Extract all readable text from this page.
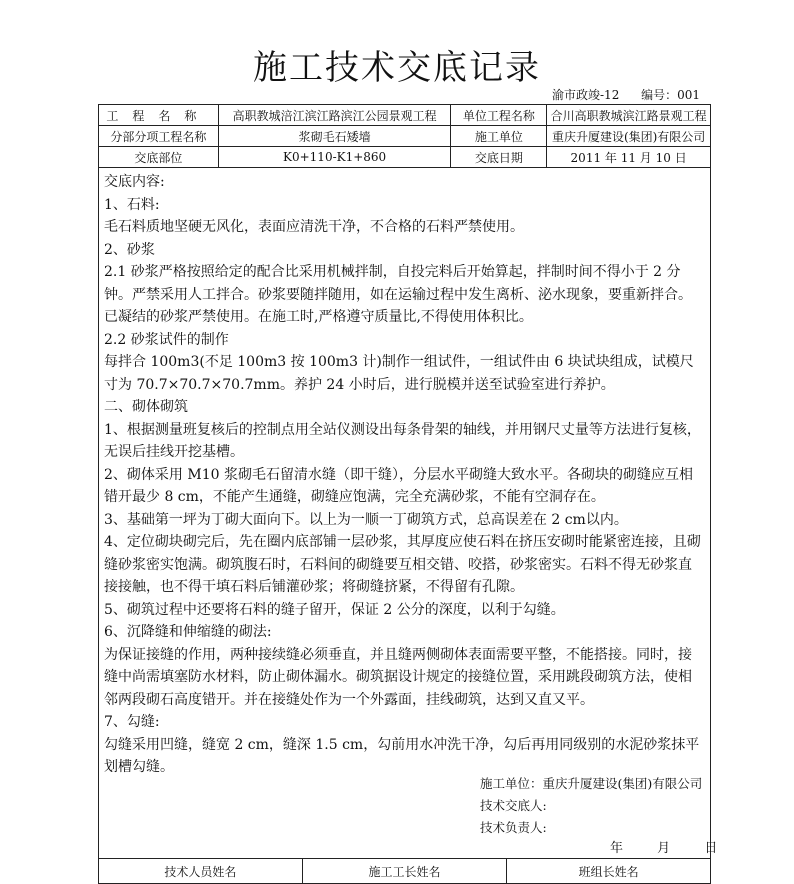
施工技术交底记录
渝市政竣-12 编号：001
工程名称	高职教城涪江滨江路滨江公园景观工程	单位工程名称	合川高职教城滨江路景观工程
分部分项工程名称	浆砌毛石矮墙	施工单位	重庆升厦建设(集团)有限公司
交底部位	K0+110-K1+860	交底日期	2011 年 11 月 10 日

交底内容:

1、石料:

毛石料质地坚硬无风化，表面应清洗干净，不合格的石料严禁使用。

2、砂浆

2.1 砂浆严格按照给定的配合比采用机械拌制，自投完料后开始算起，拌制时间不得小于 2 分钟。严禁采用人工拌合。砂浆要随拌随用，如在运输过程中发生离析、泌水现象，要重新拌合。已凝结的砂浆严禁使用。在施工时,严格遵守质量比,不得使用体积比。

2.2 砂浆试件的制作

每拌合 100m3(不足 100m3 按 100m3 计)制作一组试件，一组试件由 6 块试块组成，试模尺寸为 70.7×70.7×70.7mm。养护 24 小时后，进行脱模并送至试验室进行养护。

二、砌体砌筑

1、根据测量班复核后的控制点用全站仪测设出每条骨架的轴线，并用钢尺丈量等方法进行复核，无误后挂线开挖基槽。

2、砌体采用 M10 浆砌毛石留清水缝（即干缝），分层水平砌缝大致水平。各砌块的砌缝应互相错开最少 8 cm，不能产生通缝，砌缝应饱满，完全充满砂浆，不能有空洞存在。

3、基础第一坪为丁砌大面向下。以上为一顺一丁砌筑方式，总高误差在 2 cm以内。

4、定位砌块砌完后，先在圈内底部铺一层砂浆，其厚度应使石料在挤压安砌时能紧密连接，且砌缝砂浆密实饱满。砌筑腹石时，石料间的砌缝要互相交错、咬搭，砂浆密实。石料不得无砂浆直接接触，也不得干填石料后铺灌砂浆；将砌缝挤紧，不得留有孔隙。

5、砌筑过程中还要将石料的缝子留开，保证 2 公分的深度，以利于勾缝。

6、沉降缝和伸缩缝的砌法:

为保证接缝的作用，两种接续缝必须垂直，并且缝两侧砌体表面需要平整，不能搭接。同时，接缝中尚需填塞防水材料，防止砌体漏水。砌筑据设计规定的接缝位置，采用跳段砌筑方法，使相邻两段砌石高度错开。并在接缝处作为一个外露面，挂线砌筑，达到又直又平。

7、勾缝:

勾缝采用凹缝，缝宽 2 cm，缝深 1.5 cm，勾前用水冲洗干净，勾后再用同级别的水泥砂浆抹平划槽勾缝。

施工单位：重庆升厦建设(集团)有限公司
技术交底人:
技术负责人:
年	月	日
技术人员姓名	施工工长姓名	班组长姓名
